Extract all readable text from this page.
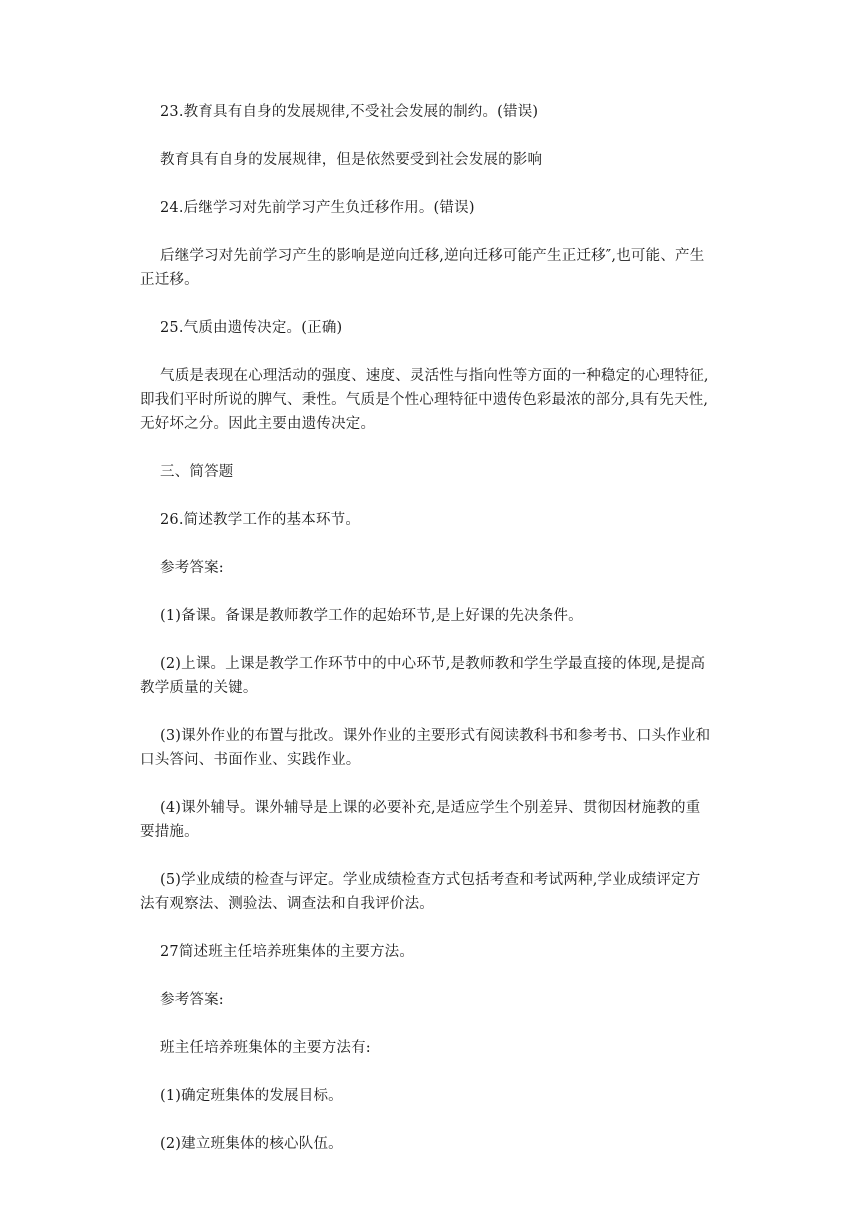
23.教育具有自身的发展规律,不受社会发展的制约。(错误)

教育具有自身的发展规律，但是依然要受到社会发展的影响

24.后继学习对先前学习产生负迁移作用。(错误)

后继学习对先前学习产生的影响是逆向迁移,逆向迁移可能产生正迁移″,也可能、产生
正迁移。

25.气质由遗传决定。(正确)

气质是表现在心理活动的强度、速度、灵活性与指向性等方面的一种稳定的心理特征,
即我们平时所说的脾气、秉性。气质是个性心理特征中遗传色彩最浓的部分,具有先天性,
无好坏之分。因此主要由遗传决定。

三、简答题

26.简述教学工作的基本环节。

参考答案:

(1)备课。备课是教师教学工作的起始环节,是上好课的先决条件。

(2)上课。上课是教学工作环节中的中心环节,是教师教和学生学最直接的体现,是提高
教学质量的关键。

(3)课外作业的布置与批改。课外作业的主要形式有阅读教科书和参考书、口头作业和
口头答问、书面作业、实践作业。

(4)课外辅导。课外辅导是上课的必要补充,是适应学生个别差异、贯彻因材施教的重
要措施。

(5)学业成绩的检查与评定。学业成绩检查方式包括考查和考试两种,学业成绩评定方
法有观察法、测验法、调查法和自我评价法。

27简述班主任培养班集体的主要方法。

参考答案:

班主任培养班集体的主要方法有:

(1)确定班集体的发展目标。

(2)建立班集体的核心队伍。
